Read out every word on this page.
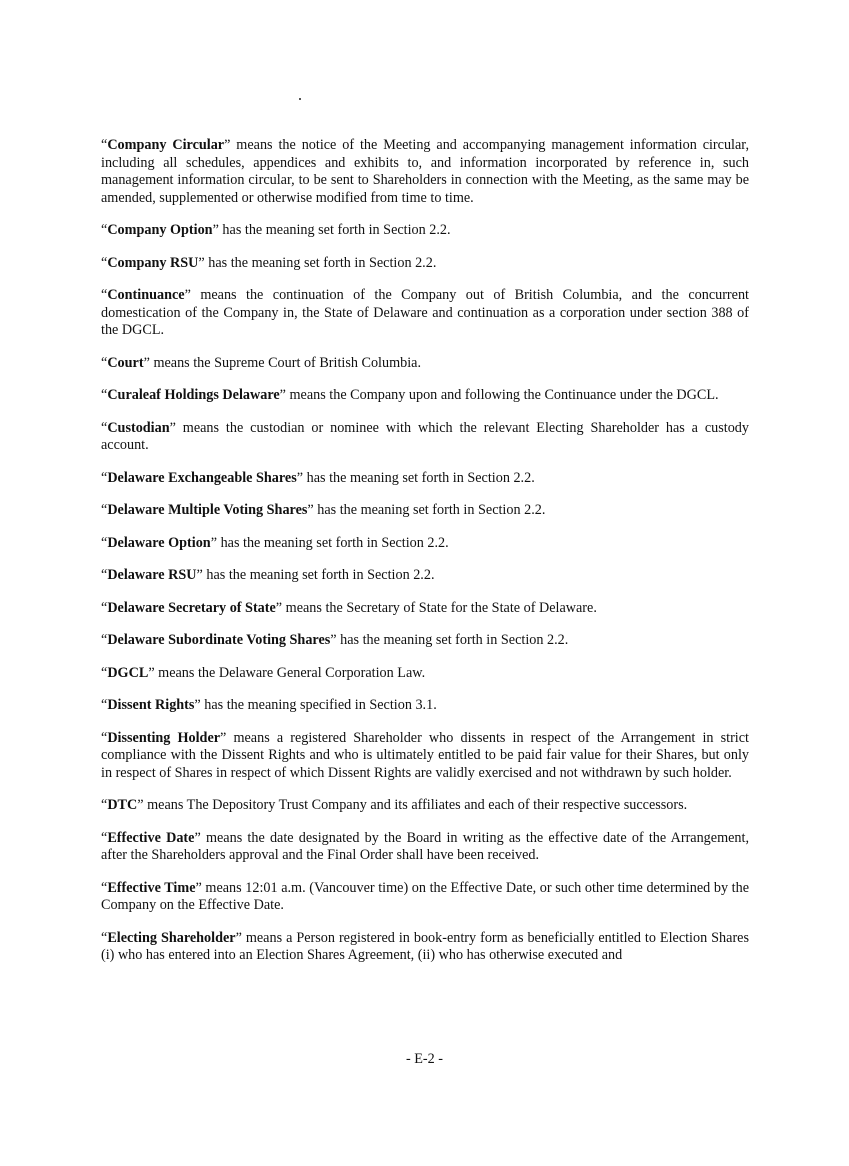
“Company Circular” means the notice of the Meeting and accompanying management information circular, including all schedules, appendices and exhibits to, and information incorporated by reference in, such management information circular, to be sent to Shareholders in connection with the Meeting, as the same may be amended, supplemented or otherwise modified from time to time.

“Company Option” has the meaning set forth in Section 2.2.

“Company RSU” has the meaning set forth in Section 2.2.

“Continuance” means the continuation of the Company out of British Columbia, and the concurrent domestication of the Company in, the State of Delaware and continuation as a corporation under section 388 of the DGCL.

“Court” means the Supreme Court of British Columbia.

“Curaleaf Holdings Delaware” means the Company upon and following the Continuance under the DGCL.

“Custodian” means the custodian or nominee with which the relevant Electing Shareholder has a custody account.

“Delaware Exchangeable Shares” has the meaning set forth in Section 2.2.

“Delaware Multiple Voting Shares” has the meaning set forth in Section 2.2.

“Delaware Option” has the meaning set forth in Section 2.2.

“Delaware RSU” has the meaning set forth in Section 2.2.

“Delaware Secretary of State” means the Secretary of State for the State of Delaware.

“Delaware Subordinate Voting Shares” has the meaning set forth in Section 2.2.

“DGCL” means the Delaware General Corporation Law.

“Dissent Rights” has the meaning specified in Section 3.1.

“Dissenting Holder” means a registered Shareholder who dissents in respect of the Arrangement in strict compliance with the Dissent Rights and who is ultimately entitled to be paid fair value for their Shares, but only in respect of Shares in respect of which Dissent Rights are validly exercised and not withdrawn by such holder.

“DTC” means The Depository Trust Company and its affiliates and each of their respective successors.

“Effective Date” means the date designated by the Board in writing as the effective date of the Arrangement, after the Shareholders approval and the Final Order shall have been received.

“Effective Time” means 12:01 a.m. (Vancouver time) on the Effective Date, or such other time determined by the Company on the Effective Date.

“Electing Shareholder” means a Person registered in book-entry form as beneficially entitled to Election Shares (i) who has entered into an Election Shares Agreement, (ii) who has otherwise executed and

- E-2 -
